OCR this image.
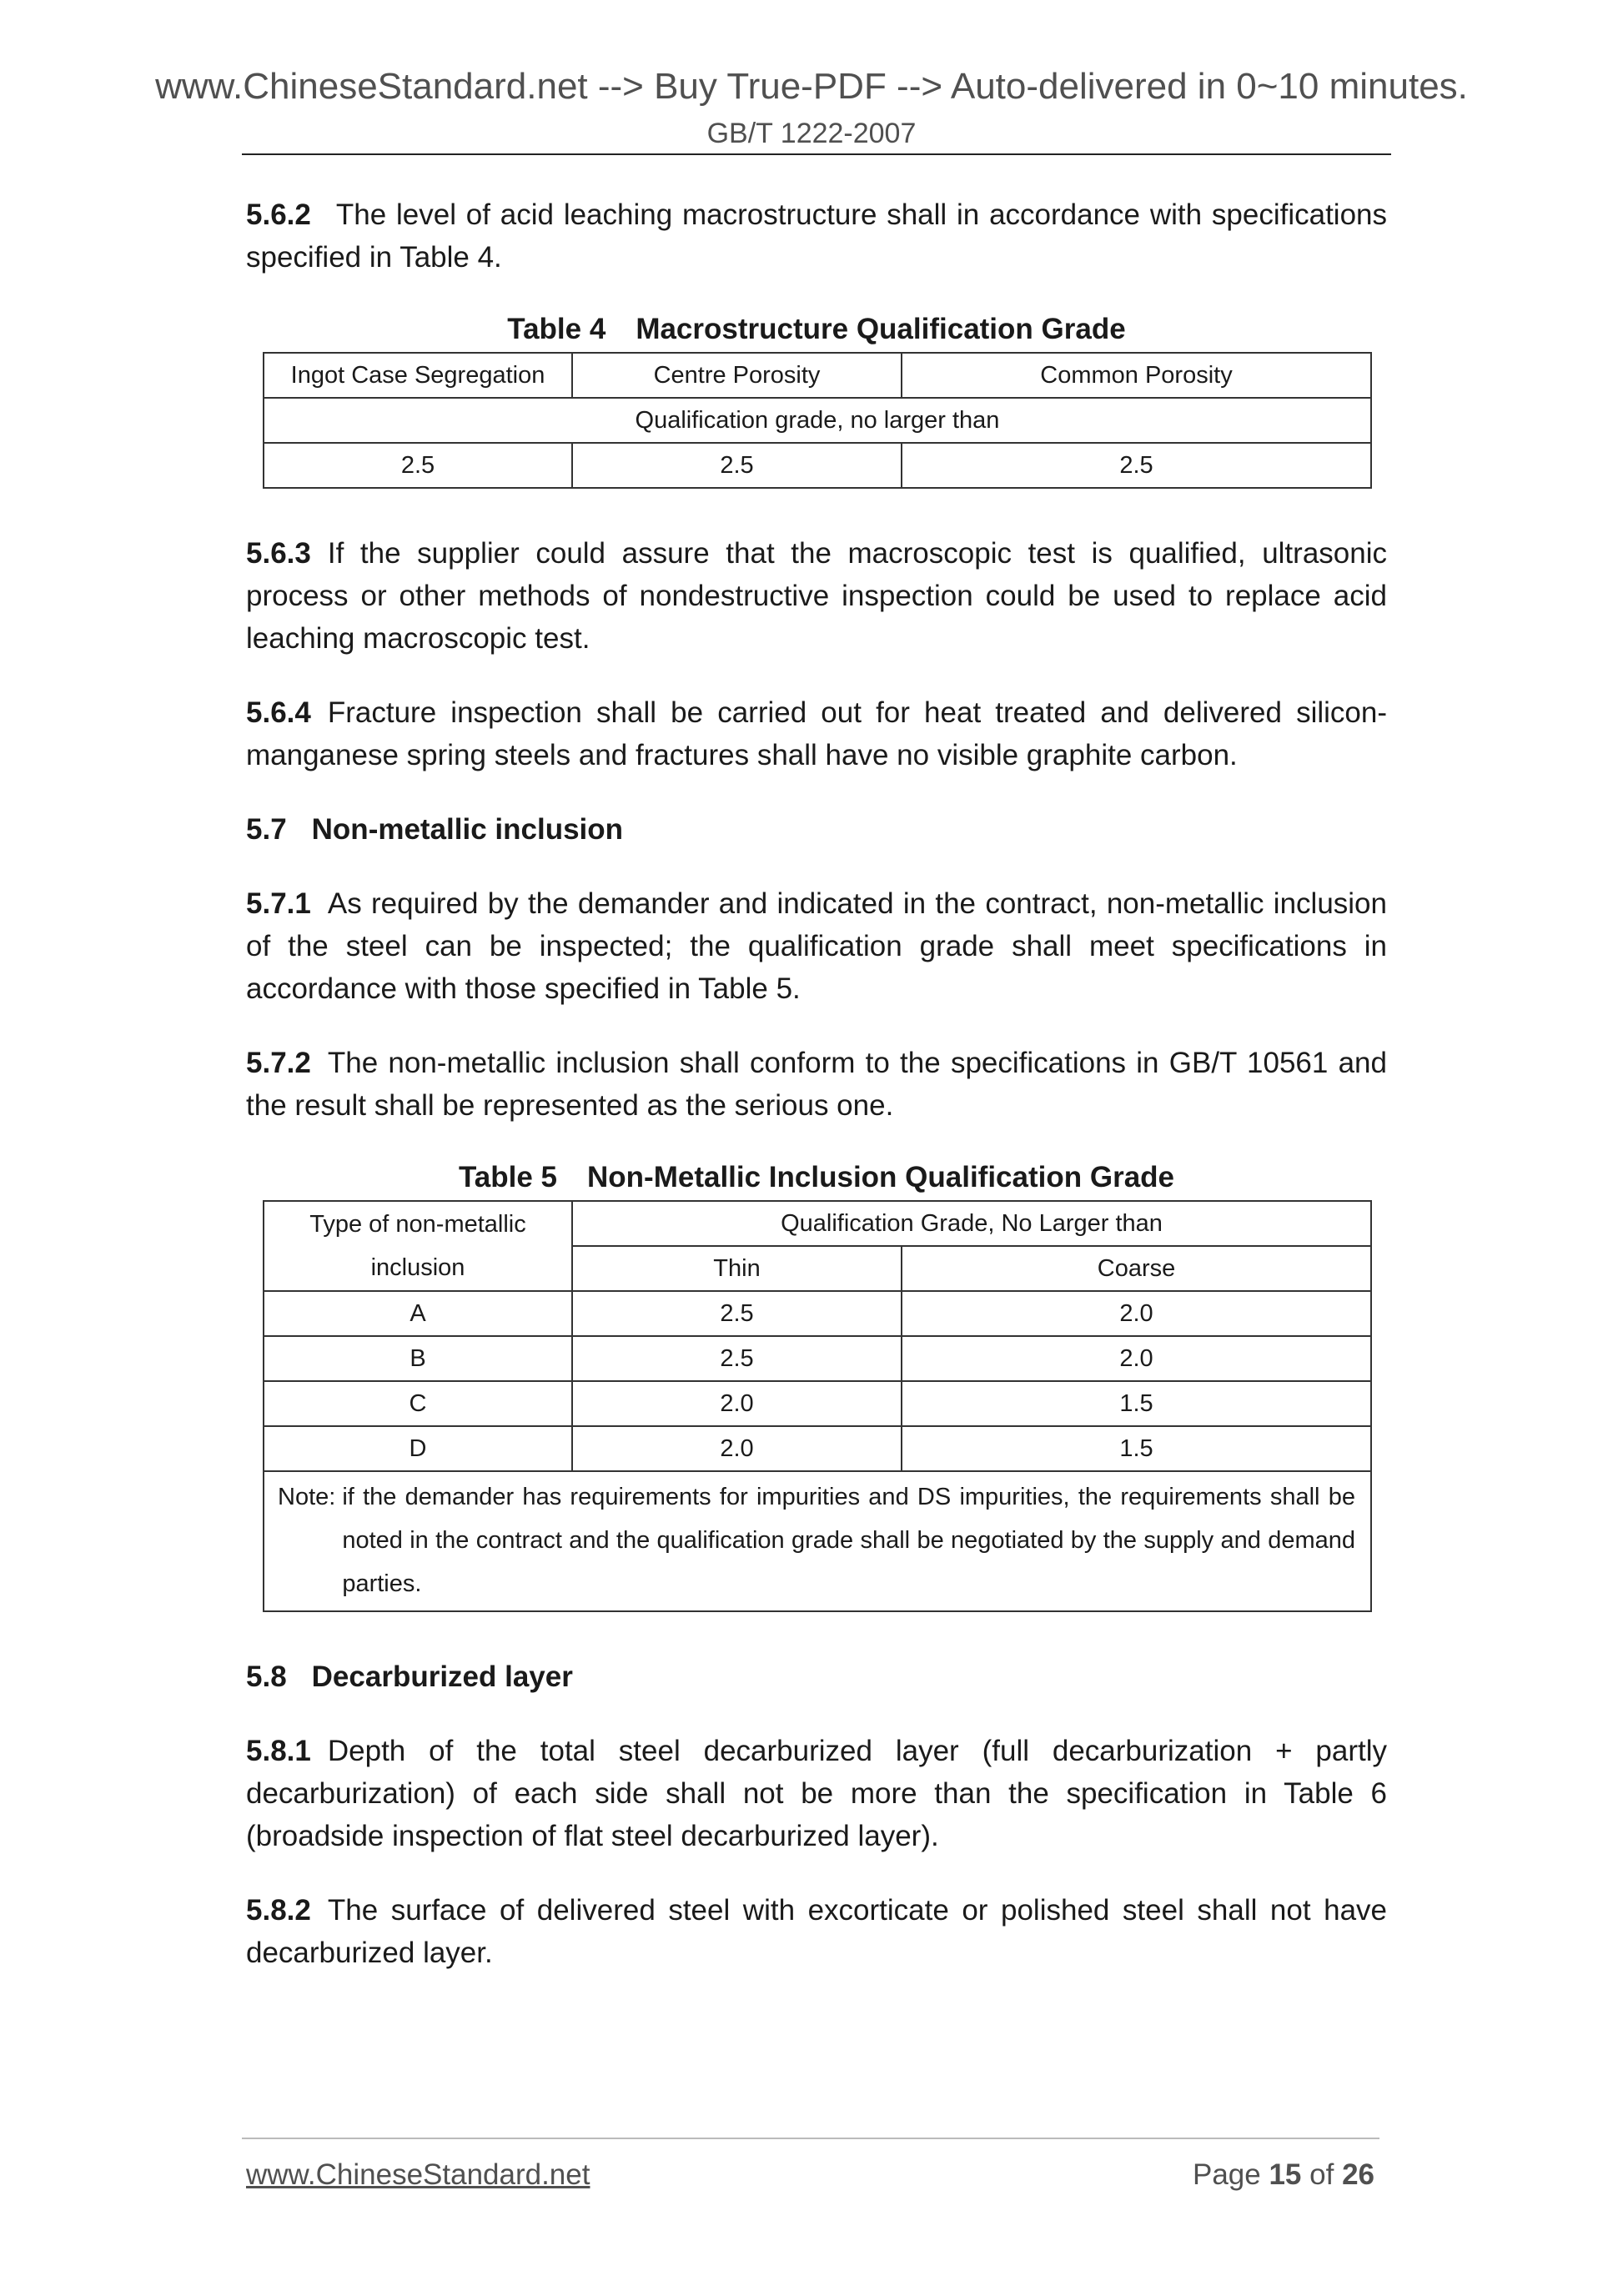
www.ChineseStandard.net --> Buy True-PDF --> Auto-delivered in 0~10 minutes.
GB/T 1222-2007

5.6.2 The level of acid leaching macrostructure shall in accordance with specifications specified in Table 4.

Table 4 Macrostructure Qualification Grade
Ingot Case Segregation	Centre Porosity	Common Porosity
Qualification grade, no larger than		
2.5	2.5	2.5

5.6.3 If the supplier could assure that the macroscopic test is qualified, ultrasonic process or other methods of nondestructive inspection could be used to replace acid leaching macroscopic test.

5.6.4 Fracture inspection shall be carried out for heat treated and delivered silicon-manganese spring steels and fractures shall have no visible graphite carbon.

5.7 Non-metallic inclusion

5.7.1 As required by the demander and indicated in the contract, non-metallic inclusion of the steel can be inspected; the qualification grade shall meet specifications in accordance with those specified in Table 5.

5.7.2 The non-metallic inclusion shall conform to the specifications in GB/T 10561 and the result shall be represented as the serious one.

Table 5 Non-Metallic Inclusion Qualification Grade
Type of non-metallic
inclusion	Qualification Grade, No Larger than	
	Thin	Coarse
A	2.5	2.0
B	2.5	2.0
C	2.0	1.5
D	2.0	1.5

Note: if the demander has requirements for impurities and DS impurities, the requirements shall be noted in the contract and the qualification grade shall be negotiated by the supply and demand parties.		
5.8 Decarburized layer

5.8.1 Depth of the total steel decarburized layer (full decarburization + partly decarburization) of each side shall not be more than the specification in Table 6 (broadside inspection of flat steel decarburized layer).

5.8.2 The surface of delivered steel with excorticate or polished steel shall not have decarburized layer.

www.ChineseStandard.net	Page 15 of 26
